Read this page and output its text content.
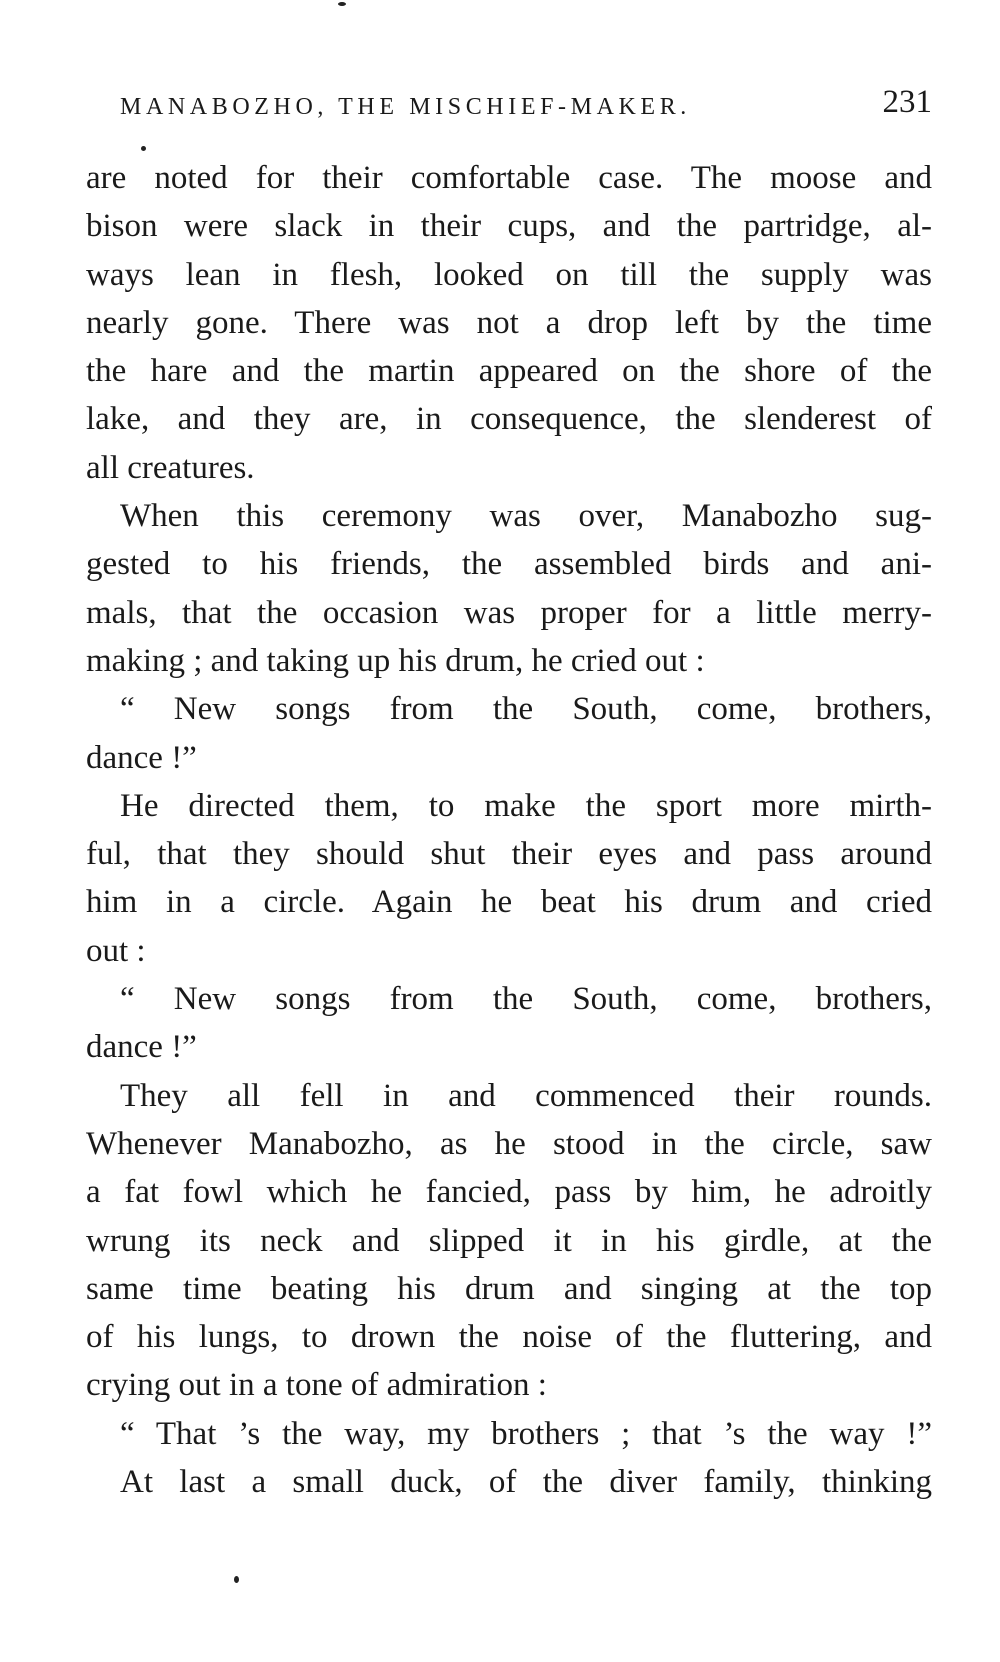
MANABOZHO, THE MISCHIEF-MAKER.	231
are noted for their comfortable case. The moose and
bison were slack in their cups, and the partridge, al-
ways lean in flesh, looked on till the supply was
nearly gone. There was not a drop left by the time
the hare and the martin appeared on the shore of the
lake, and they are, in consequence, the slenderest of
all creatures.
When this ceremony was over, Manabozho sug-
gested to his friends, the assembled birds and ani-
mals, that the occasion was proper for a little merry-
making ; and taking up his drum, he cried out :
“ New songs from the South, come, brothers,
dance !”
He directed them, to make the sport more mirth-
ful, that they should shut their eyes and pass around
him in a circle. Again he beat his drum and cried
out :
“ New songs from the South, come, brothers,
dance !”
They all fell in and commenced their rounds.
Whenever Manabozho, as he stood in the circle, saw
a fat fowl which he fancied, pass by him, he adroitly
wrung its neck and slipped it in his girdle, at the
same time beating his drum and singing at the top
of his lungs, to drown the noise of the fluttering, and
crying out in a tone of admiration :
“ That ’s the way, my brothers ; that ’s the way !”
At last a small duck, of the diver family, thinking
